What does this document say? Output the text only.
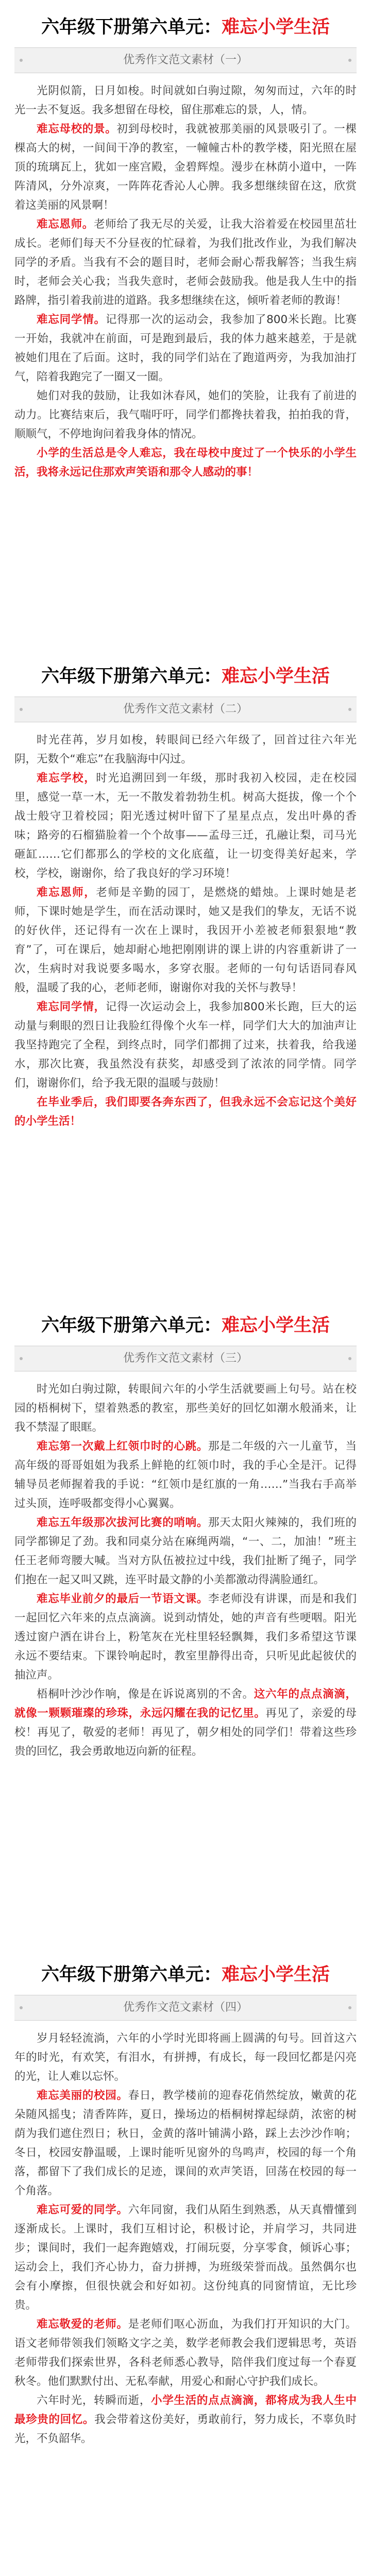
六年级下册第六单元：难忘小学生活
优秀作文范文素材（一）

光阴似箭，日月如梭。时间就如白驹过隙，匆匆而过，六年的时光一去不复返。我多想留在母校，留住那难忘的景，人，情。

难忘母校的景。初到母校时，我就被那美丽的风景吸引了。一棵棵高大的树，一间间干净的教室，一幢幢古朴的教学楼，阳光照在屋顶的琉璃瓦上，犹如一座宫殿，金碧辉煌。漫步在林荫小道中，一阵阵清风，分外凉爽，一阵阵花香沁人心脾。我多想继续留在这，欣赏着这美丽的风景啊！

难忘恩师。老师给了我无尽的关爱，让我大浴着爱在校园里茁壮成长。老师们每天不分昼夜的忙碌着，为我们批改作业，为我们解决同学的矛盾。当我有不会的题目时，老师会耐心帮我解答；当我生病时，老师会关心我；当我失意时，老师会鼓励我。他是我人生中的指路牌，指引着我前进的道路。我多想继续在这，倾听着老师的教诲！

难忘同学情。记得那一次的运动会，我参加了800米长跑。比赛一开始，我就冲在前面，可是跑到最后，我的体力越来越差，于是就被她们甩在了后面。这时，我的同学们站在了跑道两旁，为我加油打气，陪着我跑完了一圈又一圈。

她们对我的鼓励，让我如沐春风，她们的笑脸，让我有了前进的动力。比赛结束后，我气喘吁吁，同学们都搀扶着我，拍拍我的背，顺顺气，不停地询问着我身体的情况。

小学的生活总是令人难忘，我在母校中度过了一个快乐的小学生活，我将永远记住那欢声笑语和那令人感动的事！

六年级下册第六单元：难忘小学生活
优秀作文范文素材（二）

时光荏苒，岁月如梭，转眼间已经六年级了，回首过往六年光阴，无数个“难忘”在我脑海中闪过。

难忘学校，时光追溯回到一年级，那时我初入校园，走在校园里，感觉一草一木，无一不散发着勃勃生机。树高大挺拔，像一个个战士般守卫着校园；阳光透过树叶留下了星星点点，发出叶鼻的香味；路旁的石榴猫脸着一个个故事——孟母三迁，孔融让梨，司马光砸缸……它们都那么的学校的文化底蕴，让一切变得美好起来，学校，学校，谢谢你，给了我良好的学习环境！

难忘恩师，老师是辛勤的园丁，是燃烧的蜡烛。上课时她是老师，下课时她是学生，而在活动课时，她又是我们的挚友，无话不说的好伙伴，还记得有一次在上课时，我因开小差被老师狠狠地“教育”了，可在课后，她却耐心地把刚刚讲的课上讲的内容重新讲了一次，生病时对我说要多喝水，多穿衣服。老师的一句句话语同春风般，温暖了我的心，老师老师，谢谢你对我的关怀与教导！

难忘同学情，记得一次运动会上，我参加800米长跑，巨大的运动量与剩眼的烈日让我脸红得像个火车一样，同学们大大的加油声让我坚持跑完了全程，到终点时，同学们都拥了过来，扶着我，给我递水，那次比赛，我虽然没有获奖，却感受到了浓浓的同学情。同学们，谢谢你们，给予我无限的温暖与鼓励！

在毕业季后，我们即要各奔东西了，但我永远不会忘记这个美好的小学生活！

六年级下册第六单元：难忘小学生活
优秀作文范文素材（三）

时光如白驹过隙，转眼间六年的小学生活就要画上句号。站在校园的梧桐树下，望着熟悉的教室，那些美好的回忆如潮水般涌来，让我不禁湿了眼眶。

难忘第一次戴上红领巾时的心跳。那是二年级的六一儿童节，当高年级的哥哥姐姐为我系上鲜艳的红领巾时，我的手心全是汗。记得辅导员老师握着我的手说：“红领巾是红旗的一角……”当我右手高举过头顶，连呼吸都变得小心翼翼。

难忘五年级那次拔河比赛的哨响。那天太阳火辣辣的，我们班的同学都铆足了劲。我和同桌分站在麻绳两端，“一、二，加油！”班主任王老师弯腰大喊。当对方队伍被拉过中线，我们扯断了绳子，同学们抱在一起又叫又跳，连平时最文静的小美都激动得满脸通红。

难忘毕业前夕的最后一节语文课。李老师没有讲课，而是和我们一起回忆六年来的点点滴滴。说到动情处，她的声音有些哽咽。阳光透过窗户洒在讲台上，粉笔灰在光柱里轻轻飘舞，我们多希望这节课永远不要结束。下课铃响起时，教室里静得出奇，只听见此起彼伏的抽泣声。

梧桐叶沙沙作响，像是在诉说离别的不舍。这六年的点点滴滴，就像一颗颗璀璨的珍珠，永远闪耀在我的记忆里。再见了，亲爱的母校！再见了，敬爱的老师！再见了，朝夕相处的同学们！带着这些珍贵的回忆，我会勇敢地迈向新的征程。

六年级下册第六单元：难忘小学生活
优秀作文范文素材（四）

岁月轻轻流淌，六年的小学时光即将画上圆满的句号。回首这六年的时光，有欢笑，有泪水，有拼搏，有成长，每一段回忆都是闪亮的光，让人难以忘怀。

难忘美丽的校园。春日，教学楼前的迎春花俏然绽放，嫩黄的花朵随风摇曳；清香阵阵，夏日，操场边的梧桐树撑起绿荫，浓密的树荫为我们遮住烈日；秋日，金黄的落叶铺满小路，踩上去沙沙作响；冬日，校园安静温暖，上课时能听见窗外的鸟鸣声，校园的每一个角落，都留下了我们成长的足迹，课间的欢声笑语，回荡在校园的每一个角落。

难忘可爱的同学。六年同窗，我们从陌生到熟悉，从天真懵懂到逐渐成长。上课时，我们互相讨论，积极讨论，并肩学习，共同进步；课间时，我们一起奔跑嬉戏，打闹玩耍，分享零食，倾诉心事；运动会上，我们齐心协力，奋力拼搏，为班级荣誉而战。虽然偶尔也会有小摩擦，但很快就会和好如初。这份纯真的同窗情谊，无比珍贵。

难忘敬爱的老师。是老师们呕心沥血，为我们打开知识的大门。语文老师带领我们领略文字之美，数学老师教会我们逻辑思考，英语老师带我们探索世界，各科老师悉心教导，陪伴我们度过每一个春夏秋冬。他们默默付出、无私奉献，用爱心和耐心守护我们成长。

六年时光，转瞬而逝，小学生活的点点滴滴，都将成为我人生中最珍贵的回忆。我会带着这份美好，勇敢前行，努力成长，不辜负时光，不负韶华。
